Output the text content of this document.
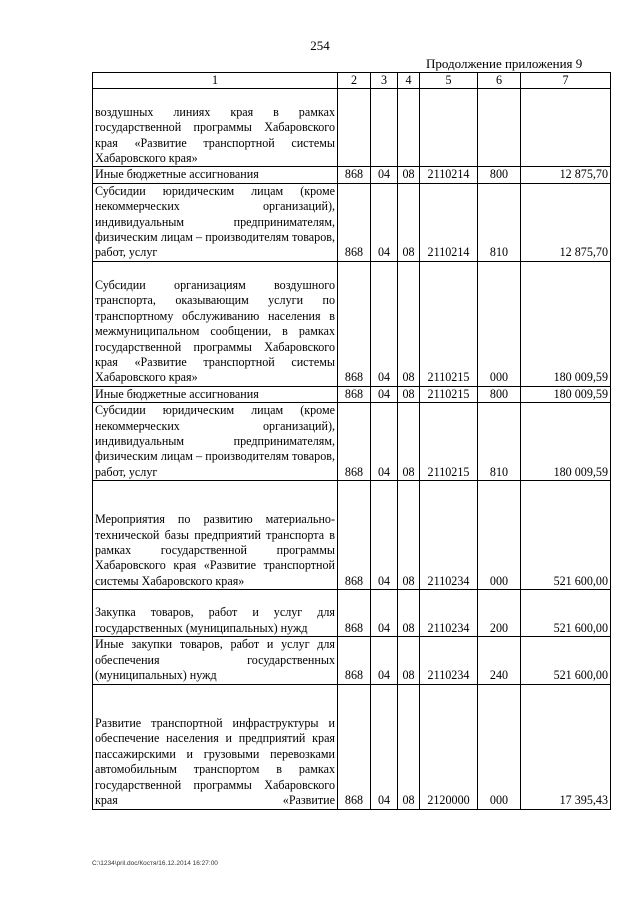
254
Продолжение приложения 9
1	2	3	4	5	6	7
воздушных линиях края в рамках государственной программы Хабаровского края «Развитие транспортной системы Хабаровского края»						
Иные бюджетные ассигнования	868	04	08	2110214	800	12 875,70
Субсидии юридическим лицам (кроме некоммерческих организаций), индивидуальным предпринимателям, физическим лицам – производителям товаров, работ, услуг	868	04	08	2110214	810	12 875,70
Субсидии организациям воздушного транспорта, оказывающим услуги по транспортному обслуживанию населения в межмуниципальном сообщении, в рамках государственной программы Хабаровского края «Развитие транспортной системы Хабаровского края»	868	04	08	2110215	000	180 009,59
Иные бюджетные ассигнования	868	04	08	2110215	800	180 009,59
Субсидии юридическим лицам (кроме некоммерческих организаций), индивидуальным предпринимателям, физическим лицам – производителям товаров, работ, услуг	868	04	08	2110215	810	180 009,59
Мероприятия по развитию материально-технической базы предприятий транспорта в рамках государственной программы Хабаровского края «Развитие транспортной системы Хабаровского края»	868	04	08	2110234	000	521 600,00
Закупка товаров, работ и услуг для государственных (муниципальных) нужд	868	04	08	2110234	200	521 600,00
Иные закупки товаров, работ и услуг для обеспечения государственных (муниципальных) нужд	868	04	08	2110234	240	521 600,00
Развитие транспортной инфраструктуры и обеспечение населения и предприятий края пассажирскими и грузовыми перевозками автомобильным транспортом в рамках государственной программы Хабаровского края «Развитие	868	04	08	2120000	000	17 395,43
C:\1234\pril.doc/Костя/16.12.2014 16:27:00
